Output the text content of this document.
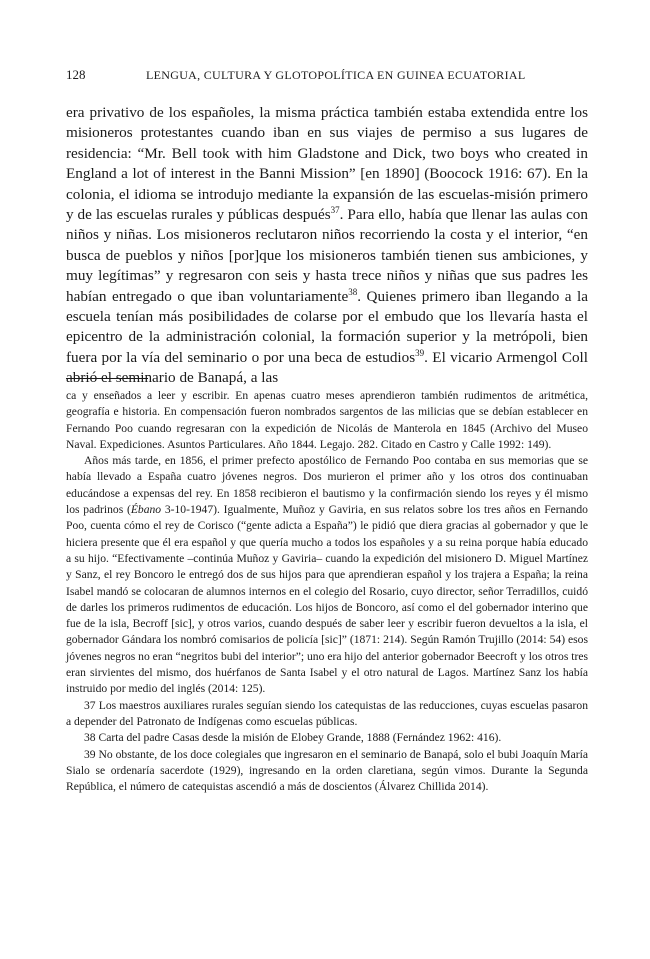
128	LENGUA, CULTURA Y GLOTOPOLÍTICA EN GUINEA ECUATORIAL

era privativo de los españoles, la misma práctica también estaba extendida entre los misioneros protestantes cuando iban en sus viajes de permiso a sus lugares de residencia: “Mr. Bell took with him Gladstone and Dick, two boys who created in England a lot of interest in the Banni Mission” [en 1890] (Boocock 1916: 67). En la colonia, el idioma se introdujo mediante la expansión de las escuelas-misión primero y de las escuelas rurales y públicas después$^{37}$. Para ello, había que llenar las aulas con niños y niñas. Los misioneros reclutaron niños recorriendo la costa y el interior, “en busca de pueblos y niños [por]que los misioneros también tienen sus ambiciones, y muy legítimas” y regresaron con seis y hasta trece niños y niñas que sus padres les habían entregado o que iban voluntariamente$^{38}$. Quienes primero iban llegando a la escuela tenían más posibilidades de colarse por el embudo que los llevaría hasta el epicentro de la administración colonial, la formación superior y la metrópoli, bien fuera por la vía del seminario o por una beca de estudios$^{39}$. El vicario Armengol Coll abrió el seminario de Banapá, a las

ca y enseñados a leer y escribir. En apenas cuatro meses aprendieron también rudimentos de aritmética, geografía e historia. En compensación fueron nombrados sargentos de las milicias que se debían establecer en Fernando Poo cuando regresaran con la expedición de Nicolás de Manterola en 1845 (Archivo del Museo Naval. Expediciones. Asuntos Particulares. Año 1844. Legajo. 282. Citado en Castro y Calle 1992: 149).

Años más tarde, en 1856, el primer prefecto apostólico de Fernando Poo contaba en sus memorias que se había llevado a España cuatro jóvenes negros. Dos murieron el primer año y los otros dos continuaban educándose a expensas del rey. En 1858 recibieron el bautismo y la confirmación siendo los reyes y él mismo los padrinos (Ébano 3-10-1947). Igualmente, Muñoz y Gaviria, en sus relatos sobre los tres años en Fernando Poo, cuenta cómo el rey de Corisco (“gente adicta a España”) le pidió que diera gracias al gobernador y que le hiciera presente que él era español y que quería mucho a todos los españoles y a su reina porque había educado a su hijo. “Efectivamente –continúa Muñoz y Gaviria– cuando la expedición del misionero D. Miguel Martínez y Sanz, el rey Boncoro le entregó dos de sus hijos para que aprendieran español y los trajera a España; la reina Isabel mandó se colocaran de alumnos internos en el colegio del Rosario, cuyo director, señor Terradillos, cuidó de darles los primeros rudimentos de educación. Los hijos de Boncoro, así como el del gobernador interino que fue de la isla, Becroff [sic], y otros varios, cuando después de saber leer y escribir fueron devueltos a la isla, el gobernador Gándara los nombró comisarios de policía [sic]” (1871: 214). Según Ramón Trujillo (2014: 54) esos jóvenes negros no eran “negritos bubi del interior”; uno era hijo del anterior gobernador Beecroft y los otros tres eran sirvientes del mismo, dos huérfanos de Santa Isabel y el otro natural de Lagos. Martínez Sanz los había instruido por medio del inglés (2014: 125).

37 Los maestros auxiliares rurales seguían siendo los catequistas de las reducciones, cuyas escuelas pasaron a depender del Patronato de Indígenas como escuelas públicas.

38 Carta del padre Casas desde la misión de Elobey Grande, 1888 (Fernández 1962: 416).

39 No obstante, de los doce colegiales que ingresaron en el seminario de Banapá, solo el bubi Joaquín María Sialo se ordenaría sacerdote (1929), ingresando en la orden claretiana, según vimos. Durante la Segunda República, el número de catequistas ascendió a más de doscientos (Álvarez Chillida 2014).
